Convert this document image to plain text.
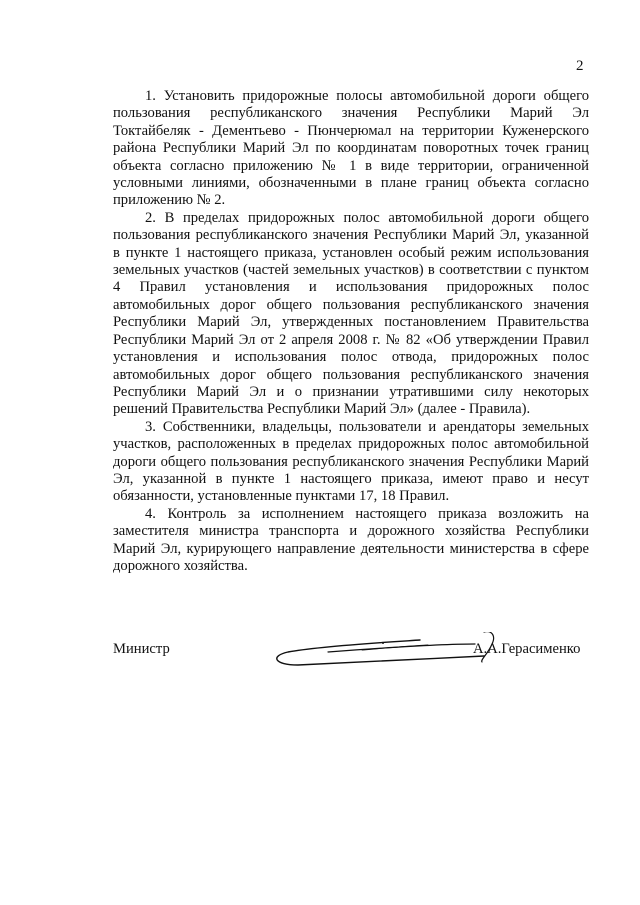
2

1. Установить придорожные полосы автомобильной дороги общего пользования республиканского значения Республики Марий Эл Токтайбеляк - Дементьево - Пюнчерюмал на территории Куженерского района Республики Марий Эл по координатам поворотных точек границ объекта согласно приложению № 1 в виде территории, ограниченной условными линиями, обозначенными в плане границ объекта согласно приложению № 2.

2. В пределах придорожных полос автомобильной дороги общего пользования республиканского значения Республики Марий Эл, указанной в пункте 1 настоящего приказа, установлен особый режим использования земельных участков (частей земельных участков) в соответствии с пунктом 4 Правил установления и использования придорожных полос автомобильных дорог общего пользования республиканского значения Республики Марий Эл, утвержденных постановлением Правительства Республики Марий Эл от 2 апреля 2008 г. № 82 «Об утверждении Правил установления и использования полос отвода, придорожных полос автомобильных дорог общего пользования республиканского значения Республики Марий Эл и о признании утратившими силу некоторых решений Правительства Республики Марий Эл» (далее - Правила).

3. Собственники, владельцы, пользователи и арендаторы земельных участков, расположенных в пределах придорожных полос автомобильной дороги общего пользования республиканского значения Республики Марий Эл, указанной в пункте 1 настоящего приказа, имеют право и несут обязанности, установленные пунктами 17, 18 Правил.

4. Контроль за исполнением настоящего приказа возложить на заместителя министра транспорта и дорожного хозяйства Республики Марий Эл, курирующего направление деятельности министерства в сфере дорожного хозяйства.

Министр	А.А.Герасименко
